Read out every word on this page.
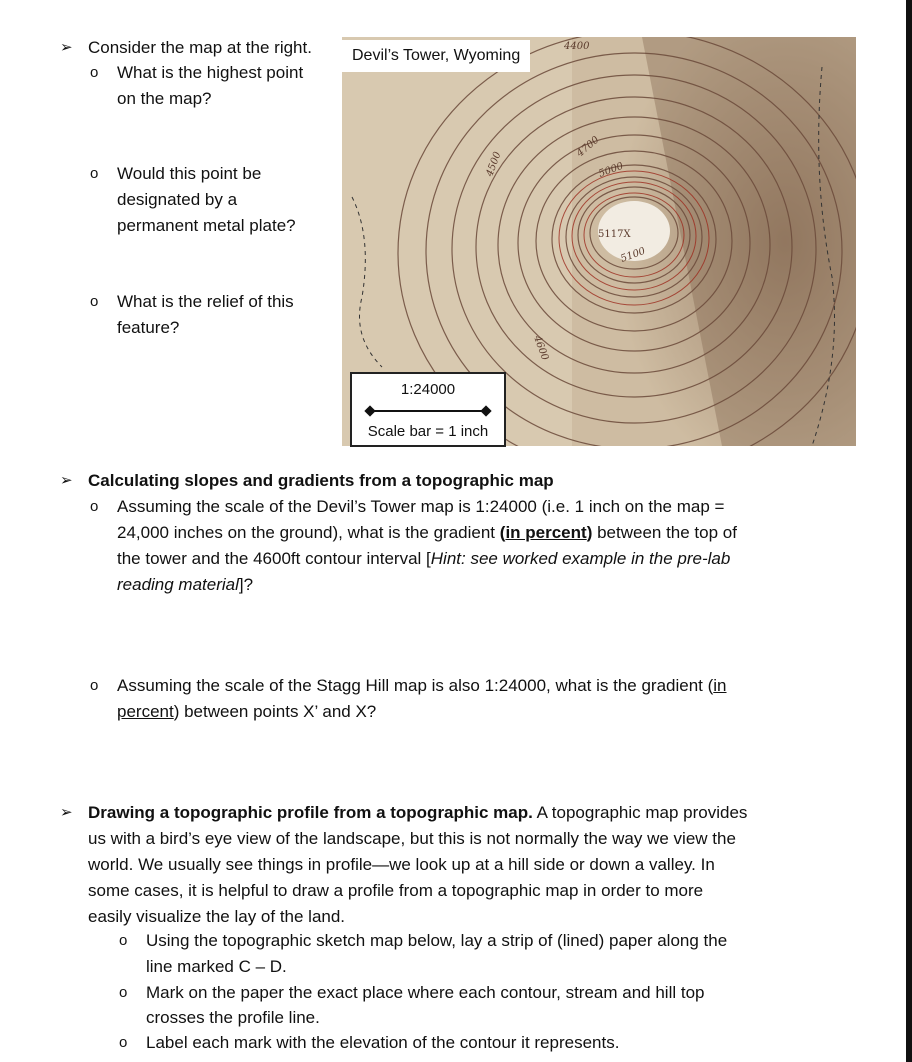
➢ Consider the map at the right.

o What is the highest point

on the map?

o Would this point be

designated by a

permanent metal plate?

o What is the relief of this

feature?

4400
4500
4700
5000
5117X
5100
4600
Devil’s Tower, Wyoming
1:24000
Scale bar = 1 inch
➢ Calculating slopes and gradients from a topographic map

o Assuming the scale of the Devil’s Tower map is 1:24000 (i.e. 1 inch on the map =

24,000 inches on the ground), what is the gradient (in percent) between the top of

the tower and the 4600ft contour interval [Hint: see worked example in the pre-lab

reading material]?

o Assuming the scale of the Stagg Hill map is also 1:24000, what is the gradient (in

percent) between points X’ and X?

➢ Drawing a topographic profile from a topographic map. A topographic map provides

us with a bird’s eye view of the landscape, but this is not normally the way we view the

world. We usually see things in profile—we look up at a hill side or down a valley. In

some cases, it is helpful to draw a profile from a topographic map in order to more

easily visualize the lay of the land.

o Using the topographic sketch map below, lay a strip of (lined) paper along the

line marked C – D.

o Mark on the paper the exact place where each contour, stream and hill top

crosses the profile line.

o Label each mark with the elevation of the contour it represents.
